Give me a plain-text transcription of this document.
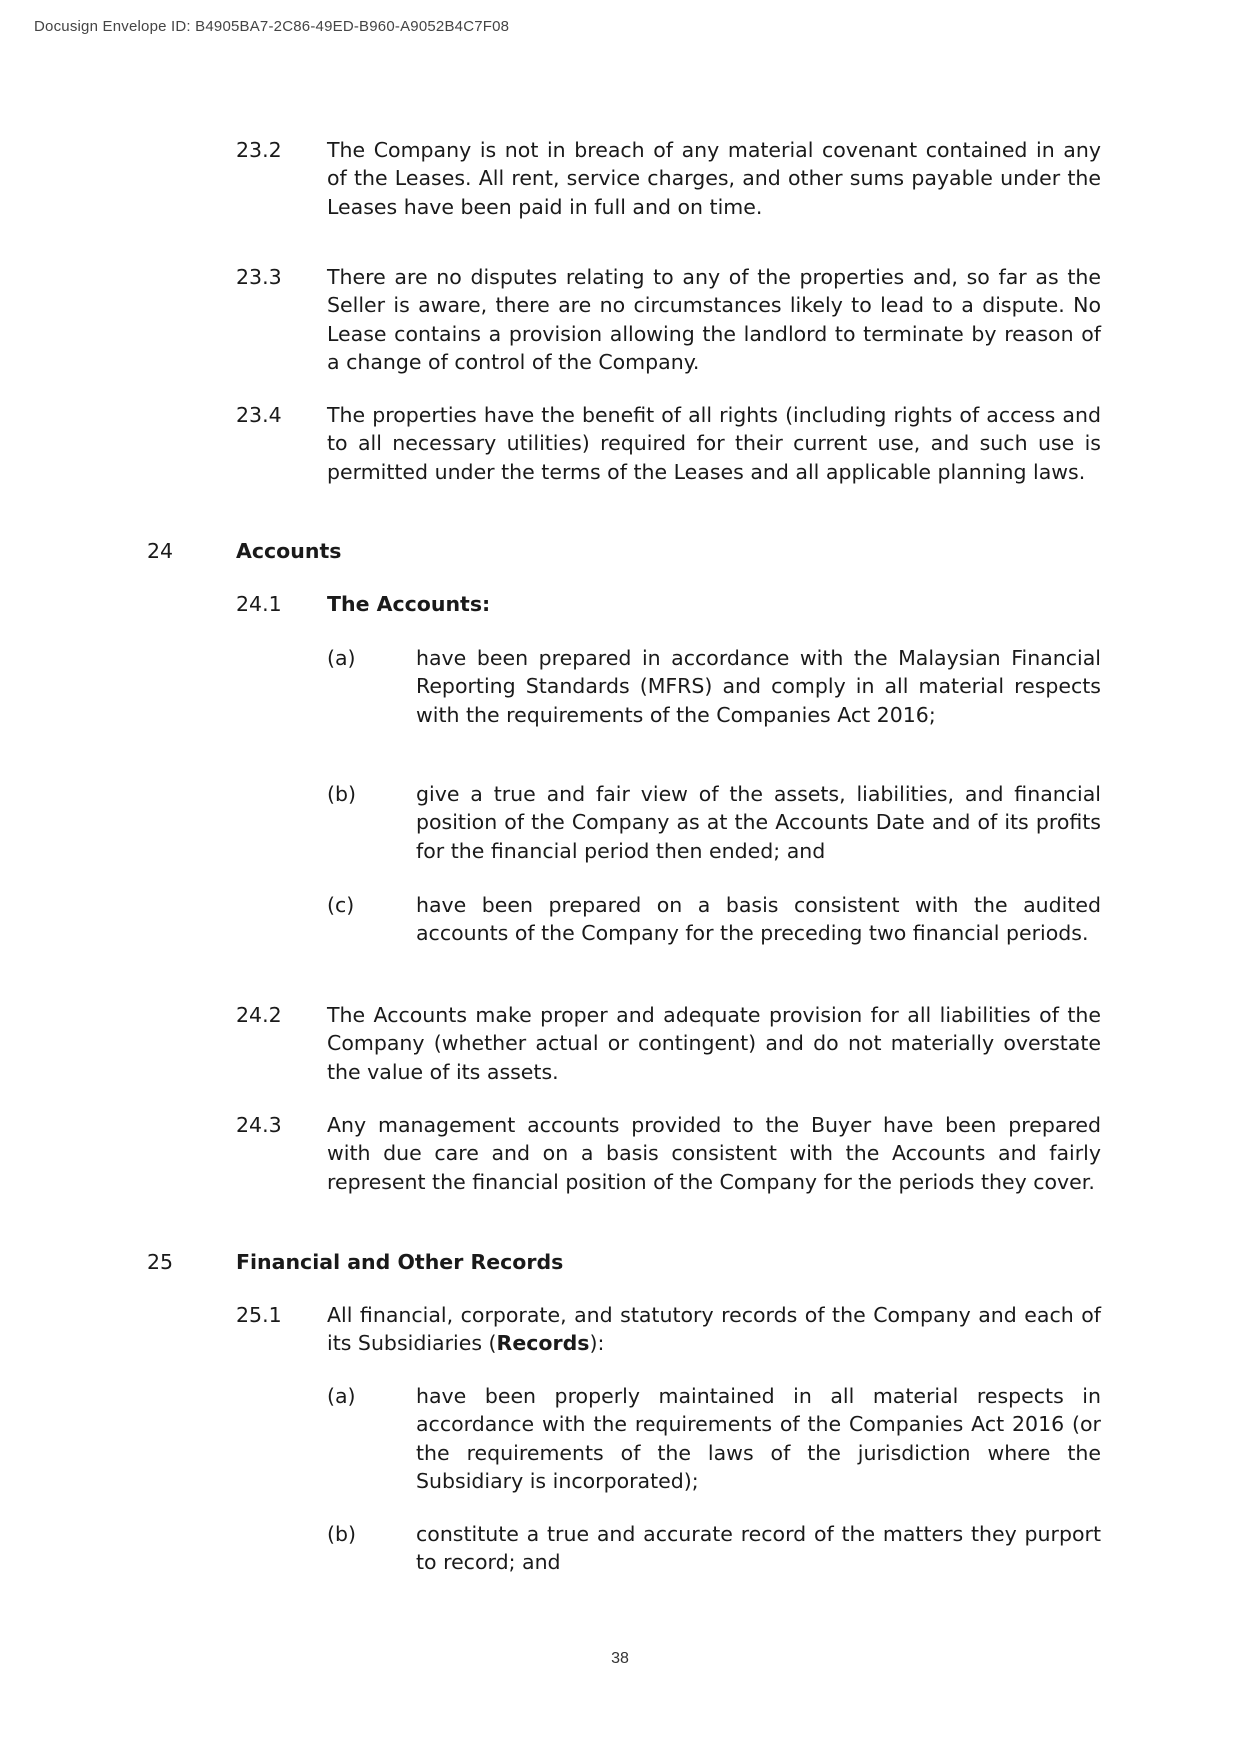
Docusign Envelope ID: B4905BA7-2C86-49ED-B960-A9052B4C7F08
23.2 The Company is not in breach of any material covenant contained in any of the Leases. All rent, service charges, and other sums payable under the Leases have been paid in full and on time.

23.3 There are no disputes relating to any of the properties and, so far as the Seller is aware, there are no circumstances likely to lead to a dispute. No Lease contains a provision allowing the landlord to terminate by reason of a change of control of the Company.

23.4 The properties have the benefit of all rights (including rights of access and to all necessary utilities) required for their current use, and such use is permitted under the terms of the Leases and all applicable planning laws.

24	Accounts
24.1 The Accounts:
(a)	have been prepared in accordance with the Malaysian Financial Reporting Standards (MFRS) and comply in all material respects with the requirements of the Companies Act 2016;

(b)	give a true and fair view of the assets, liabilities, and financial position of the Company as at the Accounts Date and of its profits for the financial period then ended; and

(c)	have been prepared on a basis consistent with the audited accounts of the Company for the preceding two financial periods.

24.2 The Accounts make proper and adequate provision for all liabilities of the Company (whether actual or contingent) and do not materially overstate the value of its assets.

24.3 Any management accounts provided to the Buyer have been prepared with due care and on a basis consistent with the Accounts and fairly represent the financial position of the Company for the periods they cover.

25	Financial and Other Records
25.1 All financial, corporate, and statutory records of the Company and each of its Subsidiaries (Records):

(a)	have been properly maintained in all material respects in accordance with the requirements of the Companies Act 2016 (or the requirements of the laws of the jurisdiction where the Subsidiary is incorporated);

(b)	constitute a true and accurate record of the matters they purport to record; and

38
